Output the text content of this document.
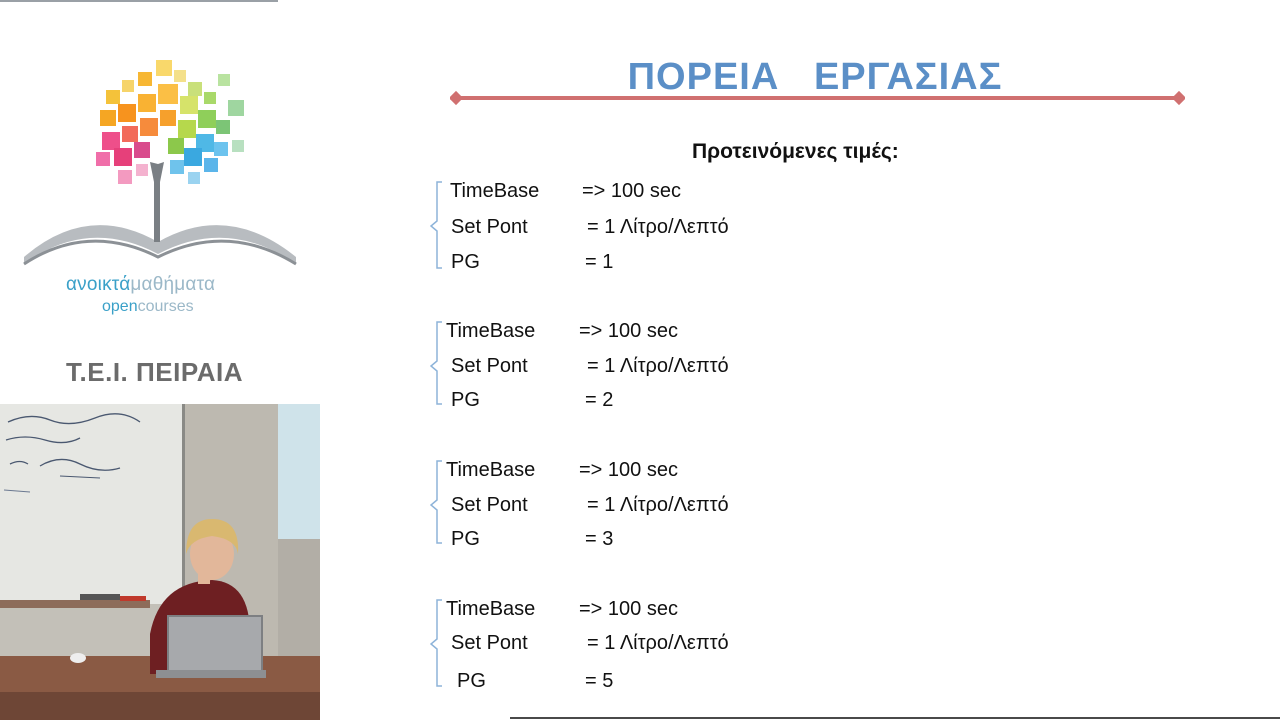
ανοικτάμαθήματα
opencourses
Τ.Ε.Ι. ΠΕΙΡΑΙΑ
ΠΟΡΕΙΑ   ΕΡΓΑΣΙΑΣ
Προτεινόμενες τιμές:
TimeBase => 100 sec
Set Pont	= 1 Λίτρο/Λεπτό
PG	= 1
TimeBase => 100 sec
Set Pont	= 1 Λίτρο/Λεπτό
PG	= 2
TimeBase => 100 sec
Set Pont	= 1 Λίτρο/Λεπτό
PG	= 3
TimeBase => 100 sec
Set Pont	= 1 Λίτρο/Λεπτό
PG	= 5
